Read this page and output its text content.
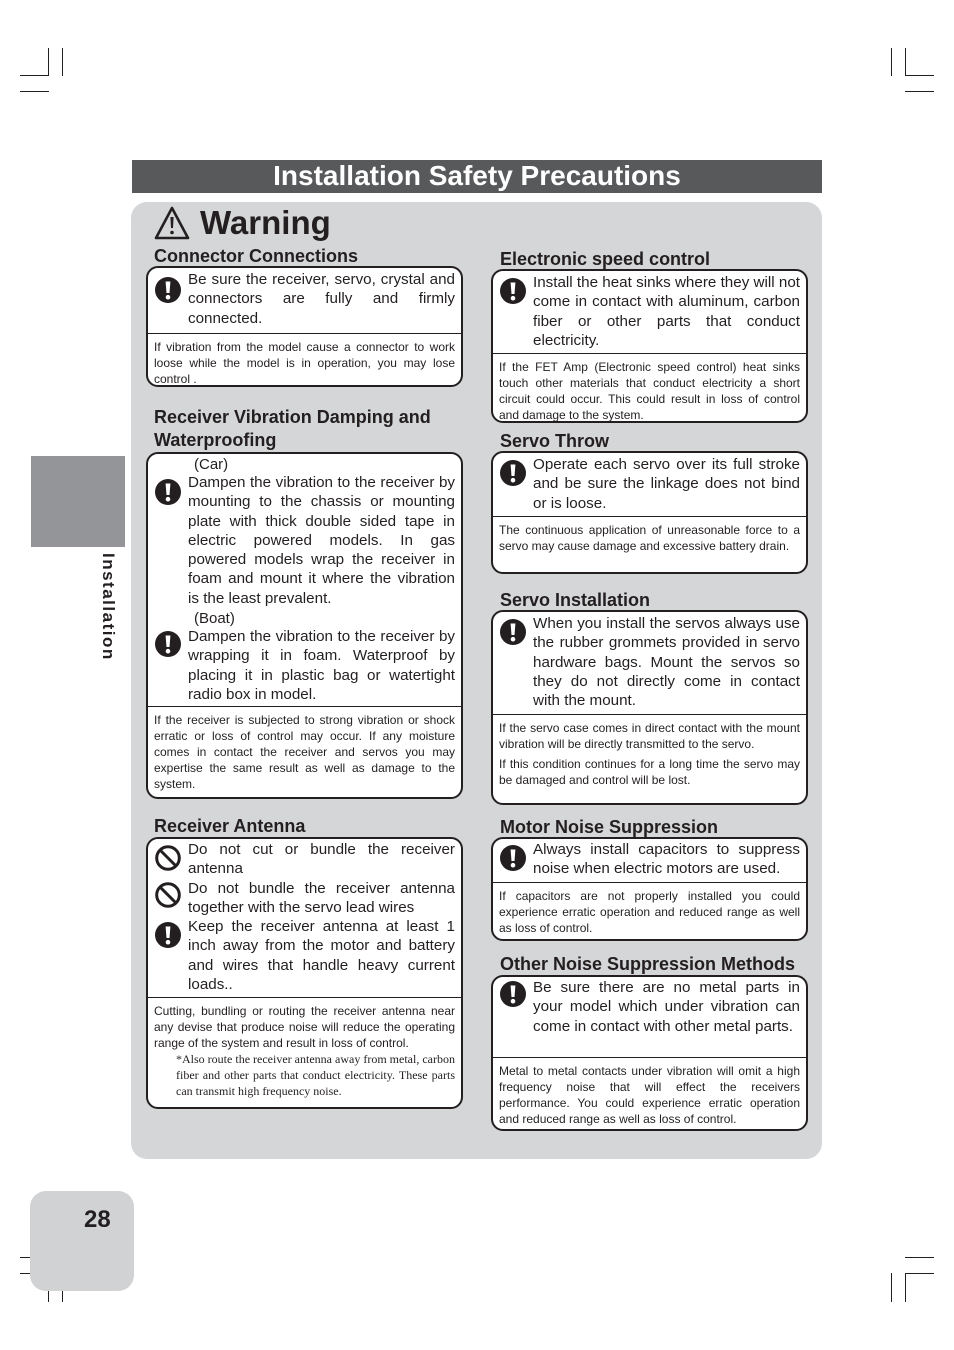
Installation Safety Precautions
Installation
28
Warning
Connector Connections
Be sure the receiver, servo, crystal and connectors are fully and firmly connected.
If vibration from the model cause a connector to work loose while the model is in operation, you may lose control .
Receiver Vibration Damping and Waterproofing
(Car)
Dampen the vibration to the receiver by mounting to the chassis or mounting plate with thick double sided tape in electric powered models. In gas powered models wrap the receiver in foam and mount it where the vibration is the least prevalent.
(Boat)
Dampen the vibration to the receiver by wrapping it in foam. Waterproof by placing it in plastic bag or watertight radio box in model.
If the receiver is subjected to strong vibration or shock erratic or loss of control may occur. If any moisture comes in contact the receiver and servos you may expertise the same result as well as damage to the system.
Receiver Antenna
Do not cut or bundle the receiver antenna
Do not bundle the receiver antenna together with the servo lead wires
Keep the receiver antenna at least 1 inch away from the motor and battery and wires that handle heavy current loads..

Cutting, bundling or routing the receiver antenna near any devise that produce noise will reduce the operating range of the system and result in loss of control.

*Also route the receiver antenna away from metal, carbon fiber and other parts that conduct electricity. These parts can transmit high frequency noise.

Electronic speed control
Install the heat sinks where they will not come in contact with aluminum, carbon fiber or other parts that conduct electricity.
If the FET Amp (Electronic speed control) heat sinks touch other materials that conduct electricity a short circuit could occur. This could result in loss of control and damage to the system.
Servo Throw
Operate each servo over its full stroke and be sure the linkage does not bind or is loose.
The continuous application of unreasonable force to a servo may cause damage and excessive battery drain.
Servo Installation
When you install the servos always use the rubber grommets provided in servo hardware bags. Mount the servos so they do not directly come in contact with the mount.

If the servo case comes in direct contact with the mount vibration will be directly transmitted to the servo.

If this condition continues for a long time the servo may be damaged and control will be lost.

Motor Noise Suppression
Always install capacitors to suppress noise when electric motors are used.
If capacitors are not properly installed you could experience erratic operation and reduced range as well as loss of control.
Other Noise Suppression Methods
Be sure there are no metal parts in your model which under vibration can come in contact with other metal parts.
Metal to metal contacts under vibration will omit a high frequency noise that will effect the receivers performance. You could experience erratic operation and reduced range as well as loss of control.
